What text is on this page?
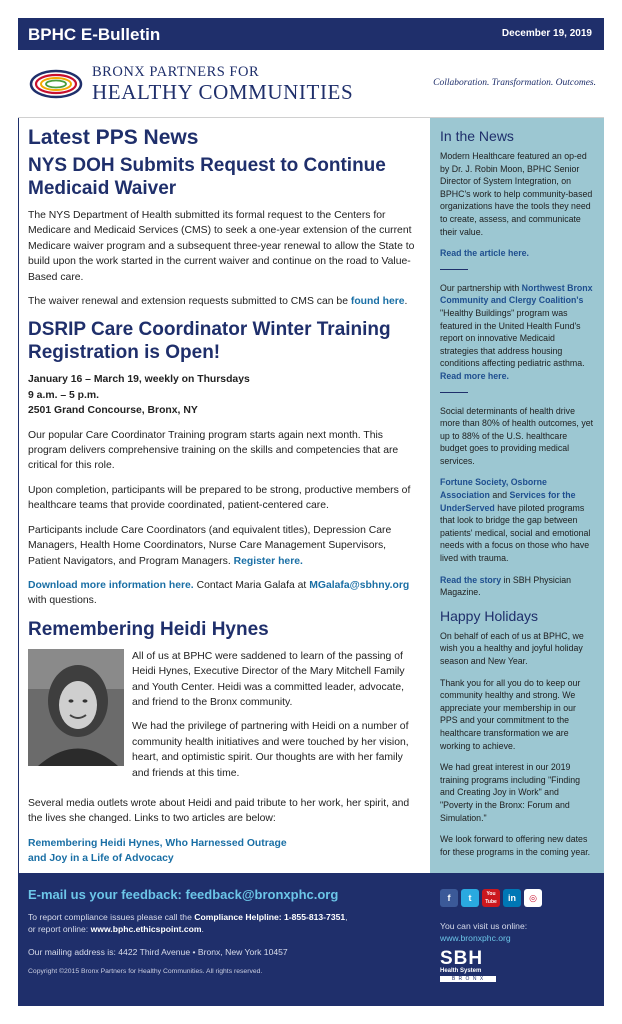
BPHC E-Bulletin	December 19, 2019
BRONX PARTNERS FOR
HEALTHY COMMUNITIES	Collaboration. Transformation. Outcomes.
Latest PPS News
NYS DOH Submits Request to Continue Medicaid Waiver

The NYS Department of Health submitted its formal request to the Centers for Medicare and Medicaid Services (CMS) to seek a one-year extension of the current Medicare waiver program and a subsequent three-year renewal to allow the State to build upon the work started in the current waiver and continue on the road to Value-Based care.

The waiver renewal and extension requests submitted to CMS can be found here.

DSRIP Care Coordinator Winter Training Registration is Open!
January 16 – March 19, weekly on Thursdays
9 a.m. – 5 p.m.
2501 Grand Concourse, Bronx, NY

Our popular Care Coordinator Training program starts again next month. This program delivers comprehensive training on the skills and competencies that are critical for this role.

Upon completion, participants will be prepared to be strong, productive members of healthcare teams that provide coordinated, patient-centered care.

Participants include Care Coordinators (and equivalent titles), Depression Care Managers, Health Home Coordinators, Nurse Care Management Supervisors, Patient Navigators, and Program Managers. Register here.

Download more information here. Contact Maria Galafa at MGalafa@sbhny.org
with questions.

Remembering Heidi Hynes

All of us at BPHC were saddened to learn of the passing of Heidi Hynes, Executive Director of the Mary Mitchell Family and Youth Center. Heidi was a committed leader, advocate, and friend to the Bronx community.

We had the privilege of partnering with Heidi on a number of community health initiatives and were touched by her vision, heart, and optimistic spirit. Our thoughts are with her family and friends at this time.

Several media outlets wrote about Heidi and paid tribute to her work, her spirit, and the lives she changed. Links to two articles are below:

Remembering Heidi Hynes, Who Harnessed Outrage and Joy in a Life of Advocacy
In the News

Modern Healthcare featured an op-ed by Dr. J. Robin Moon, BPHC Senior Director of System Integration, on BPHC's work to help community-based organizations have the tools they need to create, assess, and communicate their value.

Read the article here.

Our partnership with Northwest Bronx Community and Clergy Coalition's "Healthy Buildings" program was featured in the United Health Fund's report on innovative Medicaid strategies that address housing conditions affecting pediatric asthma. Read more here.

Social determinants of health drive more than 80% of health outcomes, yet up to 88% of the U.S. healthcare budget goes to providing medical services.

Fortune Society, Osborne Association and Services for the UnderServed have piloted programs that look to bridge the gap between patients' medical, social and emotional needs with a focus on those who have lived with trauma.

Read the story in SBH Physician Magazine.

Happy Holidays

On behalf of each of us at BPHC, we wish you a healthy and joyful holiday season and New Year.

Thank you for all you do to keep our community healthy and strong. We appreciate your membership in our PPS and your commitment to the healthcare transformation we are working to achieve.

We had great interest in our 2019 training programs including "Finding and Creating Joy in Work" and "Poverty in the Bronx: Forum and Simulation."

We look forward to offering new dates for these programs in the coming year.

E-mail us your feedback: feedback@bronxphc.org
To report compliance issues please call the Compliance Helpline: 1-855-813-7351,
or report online: www.bphc.ethicspoint.com.
Our mailing address is: 4422 Third Avenue • Bronx, New York 10457
Copyright ©2015 Bronx Partners for Healthy Communities. All rights reserved.
f	t	You Tube	in	◎
You can visit us online:
www.bronxphc.org
SBH
Health System
B R O N X
